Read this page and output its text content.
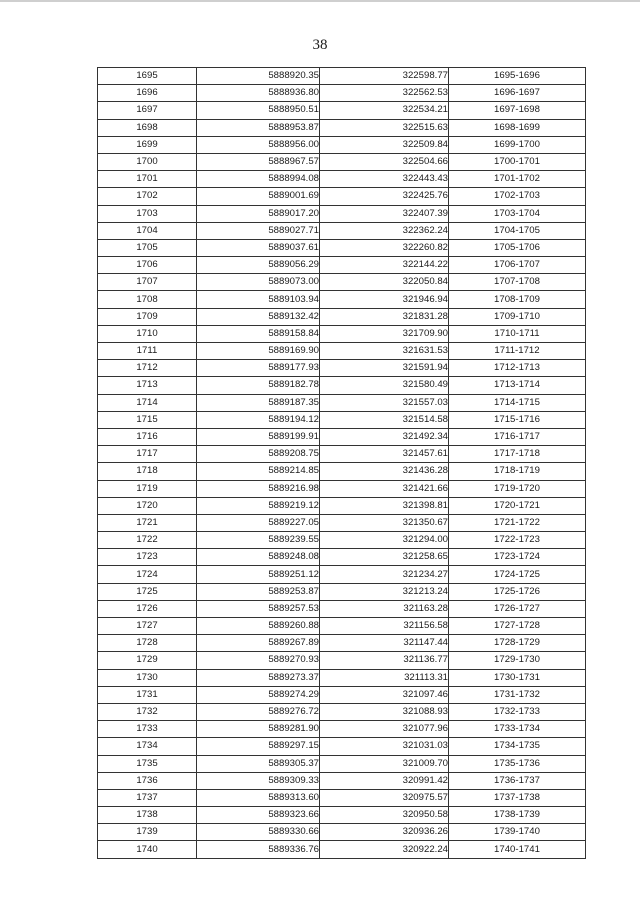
38
1695	5888920.35	322598.77	1695-1696
1696	5888936.80	322562.53	1696-1697
1697	5888950.51	322534.21	1697-1698
1698	5888953.87	322515.63	1698-1699
1699	5888956.00	322509.84	1699-1700
1700	5888967.57	322504.66	1700-1701
1701	5888994.08	322443.43	1701-1702
1702	5889001.69	322425.76	1702-1703
1703	5889017.20	322407.39	1703-1704
1704	5889027.71	322362.24	1704-1705
1705	5889037.61	322260.82	1705-1706
1706	5889056.29	322144.22	1706-1707
1707	5889073.00	322050.84	1707-1708
1708	5889103.94	321946.94	1708-1709
1709	5889132.42	321831.28	1709-1710
1710	5889158.84	321709.90	1710-1711
1711	5889169.90	321631.53	1711-1712
1712	5889177.93	321591.94	1712-1713
1713	5889182.78	321580.49	1713-1714
1714	5889187.35	321557.03	1714-1715
1715	5889194.12	321514.58	1715-1716
1716	5889199.91	321492.34	1716-1717
1717	5889208.75	321457.61	1717-1718
1718	5889214.85	321436.28	1718-1719
1719	5889216.98	321421.66	1719-1720
1720	5889219.12	321398.81	1720-1721
1721	5889227.05	321350.67	1721-1722
1722	5889239.55	321294.00	1722-1723
1723	5889248.08	321258.65	1723-1724
1724	5889251.12	321234.27	1724-1725
1725	5889253.87	321213.24	1725-1726
1726	5889257.53	321163.28	1726-1727
1727	5889260.88	321156.58	1727-1728
1728	5889267.89	321147.44	1728-1729
1729	5889270.93	321136.77	1729-1730
1730	5889273.37	321113.31	1730-1731
1731	5889274.29	321097.46	1731-1732
1732	5889276.72	321088.93	1732-1733
1733	5889281.90	321077.96	1733-1734
1734	5889297.15	321031.03	1734-1735
1735	5889305.37	321009.70	1735-1736
1736	5889309.33	320991.42	1736-1737
1737	5889313.60	320975.57	1737-1738
1738	5889323.66	320950.58	1738-1739
1739	5889330.66	320936.26	1739-1740
1740	5889336.76	320922.24	1740-1741
